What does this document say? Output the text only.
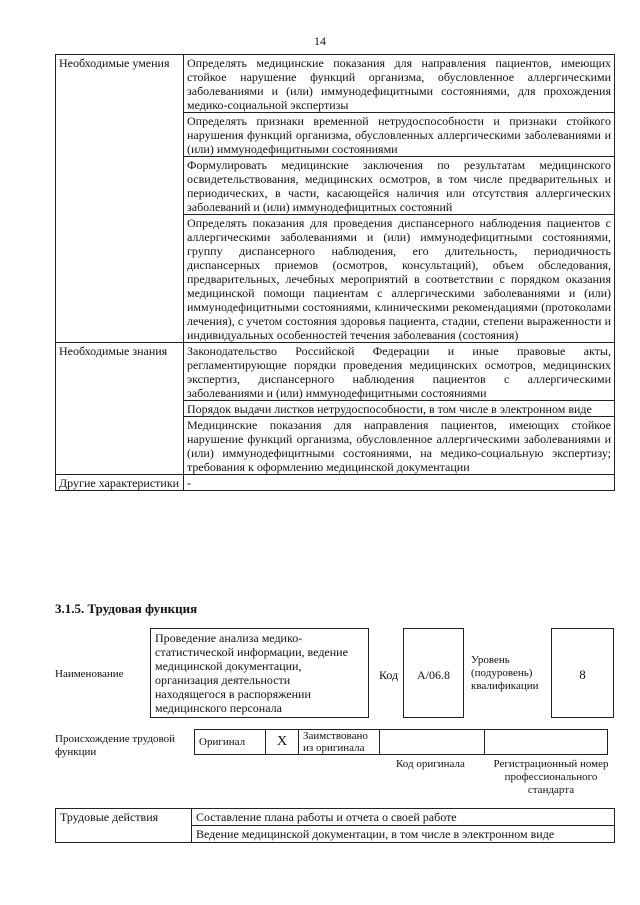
14
Необходимые умения	Определять медицинские показания для направления пациентов, имеющих стойкое нарушение функций организма, обусловленное аллергическими заболеваниями и (или) иммунодефицитными состояниями, для прохождения медико-социальной экспертизы
	Определять признаки временной нетрудоспособности и признаки стойкого нарушения функций организма, обусловленных аллергическими заболеваниями и (или) иммунодефицитными состояниями
	Формулировать медицинские заключения по результатам медицинского освидетельствования, медицинских осмотров, в том числе предварительных и периодических, в части, касающейся наличия или отсутствия аллергических заболеваний и (или) иммунодефицитных состояний
	Определять показания для проведения диспансерного наблюдения пациентов с аллергическими заболеваниями и (или) иммунодефицитными состояниями, группу диспансерного наблюдения, его длительность, периодичность диспансерных приемов (осмотров, консультаций), объем обследования, предварительных, лечебных мероприятий в соответствии с порядком оказания медицинской помощи пациентам с аллергическими заболеваниями и (или) иммунодефицитными состояниями, клиническими рекомендациями (протоколами лечения), с учетом состояния здоровья пациента, стадии, степени выраженности и индивидуальных особенностей течения заболевания (состояния)
Необходимые знания	Законодательство Российской Федерации и иные правовые акты, регламентирующие порядки проведения медицинских осмотров, медицинских экспертиз, диспансерного наблюдения пациентов с аллергическими заболеваниями и (или) иммунодефицитными состояниями
	Порядок выдачи листков нетрудоспособности, в том числе в электронном виде
	Медицинские показания для направления пациентов, имеющих стойкое нарушение функций организма, обусловленное аллергическими заболеваниями и (или) иммунодефицитными состояниями, на медико-социальную экспертизу; требования к оформлению медицинской документации
Другие характеристики	-
3.1.5. Трудовая функция
Наименование
Проведение анализа медико-статистической информации, ведение медицинской документации, организация деятельности находящегося в распоряжении медицинского персонала
Код	A/06.8
Уровень (подуровень) квалификации
8
Происхождение трудовой функции
Оригинал	X	Заимствовано из оригинала		
Код оригинала	Регистрационный номер профессионального стандарта
Трудовые действия	Составление плана работы и отчета о своей работе
Ведение медицинской документации, в том числе в электронном виде
